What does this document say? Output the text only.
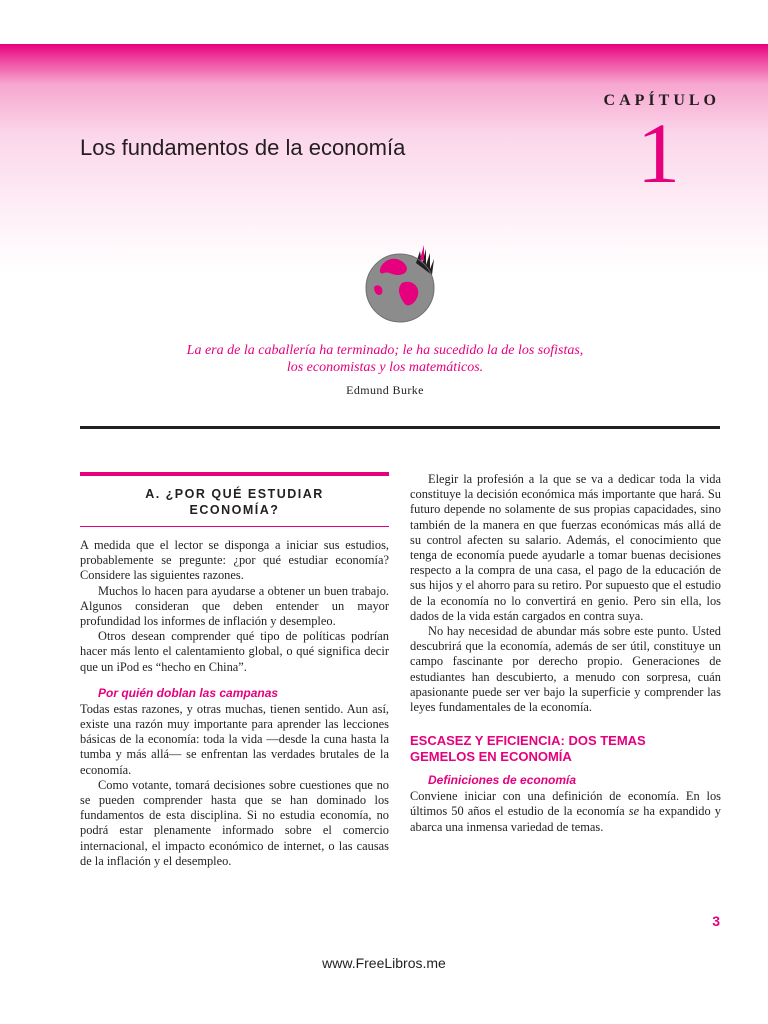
CAPÍTULO
1
Los fundamentos de la economía
La era de la caballería ha terminado; le ha sucedido la de los sofistas,
los economistas y los matemáticos.
Edmund Burke
A. ¿POR QUÉ ESTUDIAR
ECONOMÍA?

A medida que el lector se disponga a iniciar sus estudios, probablemente se pregunte: ¿por qué estudiar economía? Considere las siguientes razones.

Muchos lo hacen para ayudarse a obtener un buen trabajo. Algunos consideran que deben entender un mayor profundidad los informes de inflación y desempleo.

Otros desean comprender qué tipo de políticas podrían hacer más lento el calentamiento global, o qué significa decir que un iPod es “hecho en China”.

Por quién doblan las campanas

Todas estas razones, y otras muchas, tienen sentido. Aun así, existe una razón muy importante para aprender las lecciones básicas de la economía: toda la vida —desde la cuna hasta la tumba y más allá— se enfrentan las verdades brutales de la economía.

Como votante, tomará decisiones sobre cuestiones que no se pueden comprender hasta que se han dominado los fundamentos de esta disciplina. Si no estudia economía, no podrá estar plenamente informado sobre el comercio internacional, el impacto económico de internet, o las causas de la inflación y el desempleo.

Elegir la profesión a la que se va a dedicar toda la vida constituye la decisión económica más importante que hará. Su futuro depende no solamente de sus propias capacidades, sino también de la manera en que fuerzas económicas más allá de su control afecten su salario. Además, el conocimiento que tenga de economía puede ayudarle a tomar buenas decisiones respecto a la compra de una casa, el pago de la educación de sus hijos y el ahorro para su retiro. Por supuesto que el estudio de la economía no lo convertirá en genio. Pero sin ella, los dados de la vida están cargados en contra suya.

No hay necesidad de abundar más sobre este punto. Usted descubrirá que la economía, además de ser útil, constituye un campo fascinante por derecho propio. Generaciones de estudiantes han descubierto, a menudo con sorpresa, cuán apasionante puede ser ver bajo la superficie y comprender las leyes fundamentales de la economía.

ESCASEZ Y EFICIENCIA: DOS TEMAS
GEMELOS EN ECONOMÍA
Definiciones de economía

Conviene iniciar con una definición de economía. En los últimos 50 años el estudio de la economía se ha expandido y abarca una inmensa variedad de temas.

3
www.FreeLibros.me
